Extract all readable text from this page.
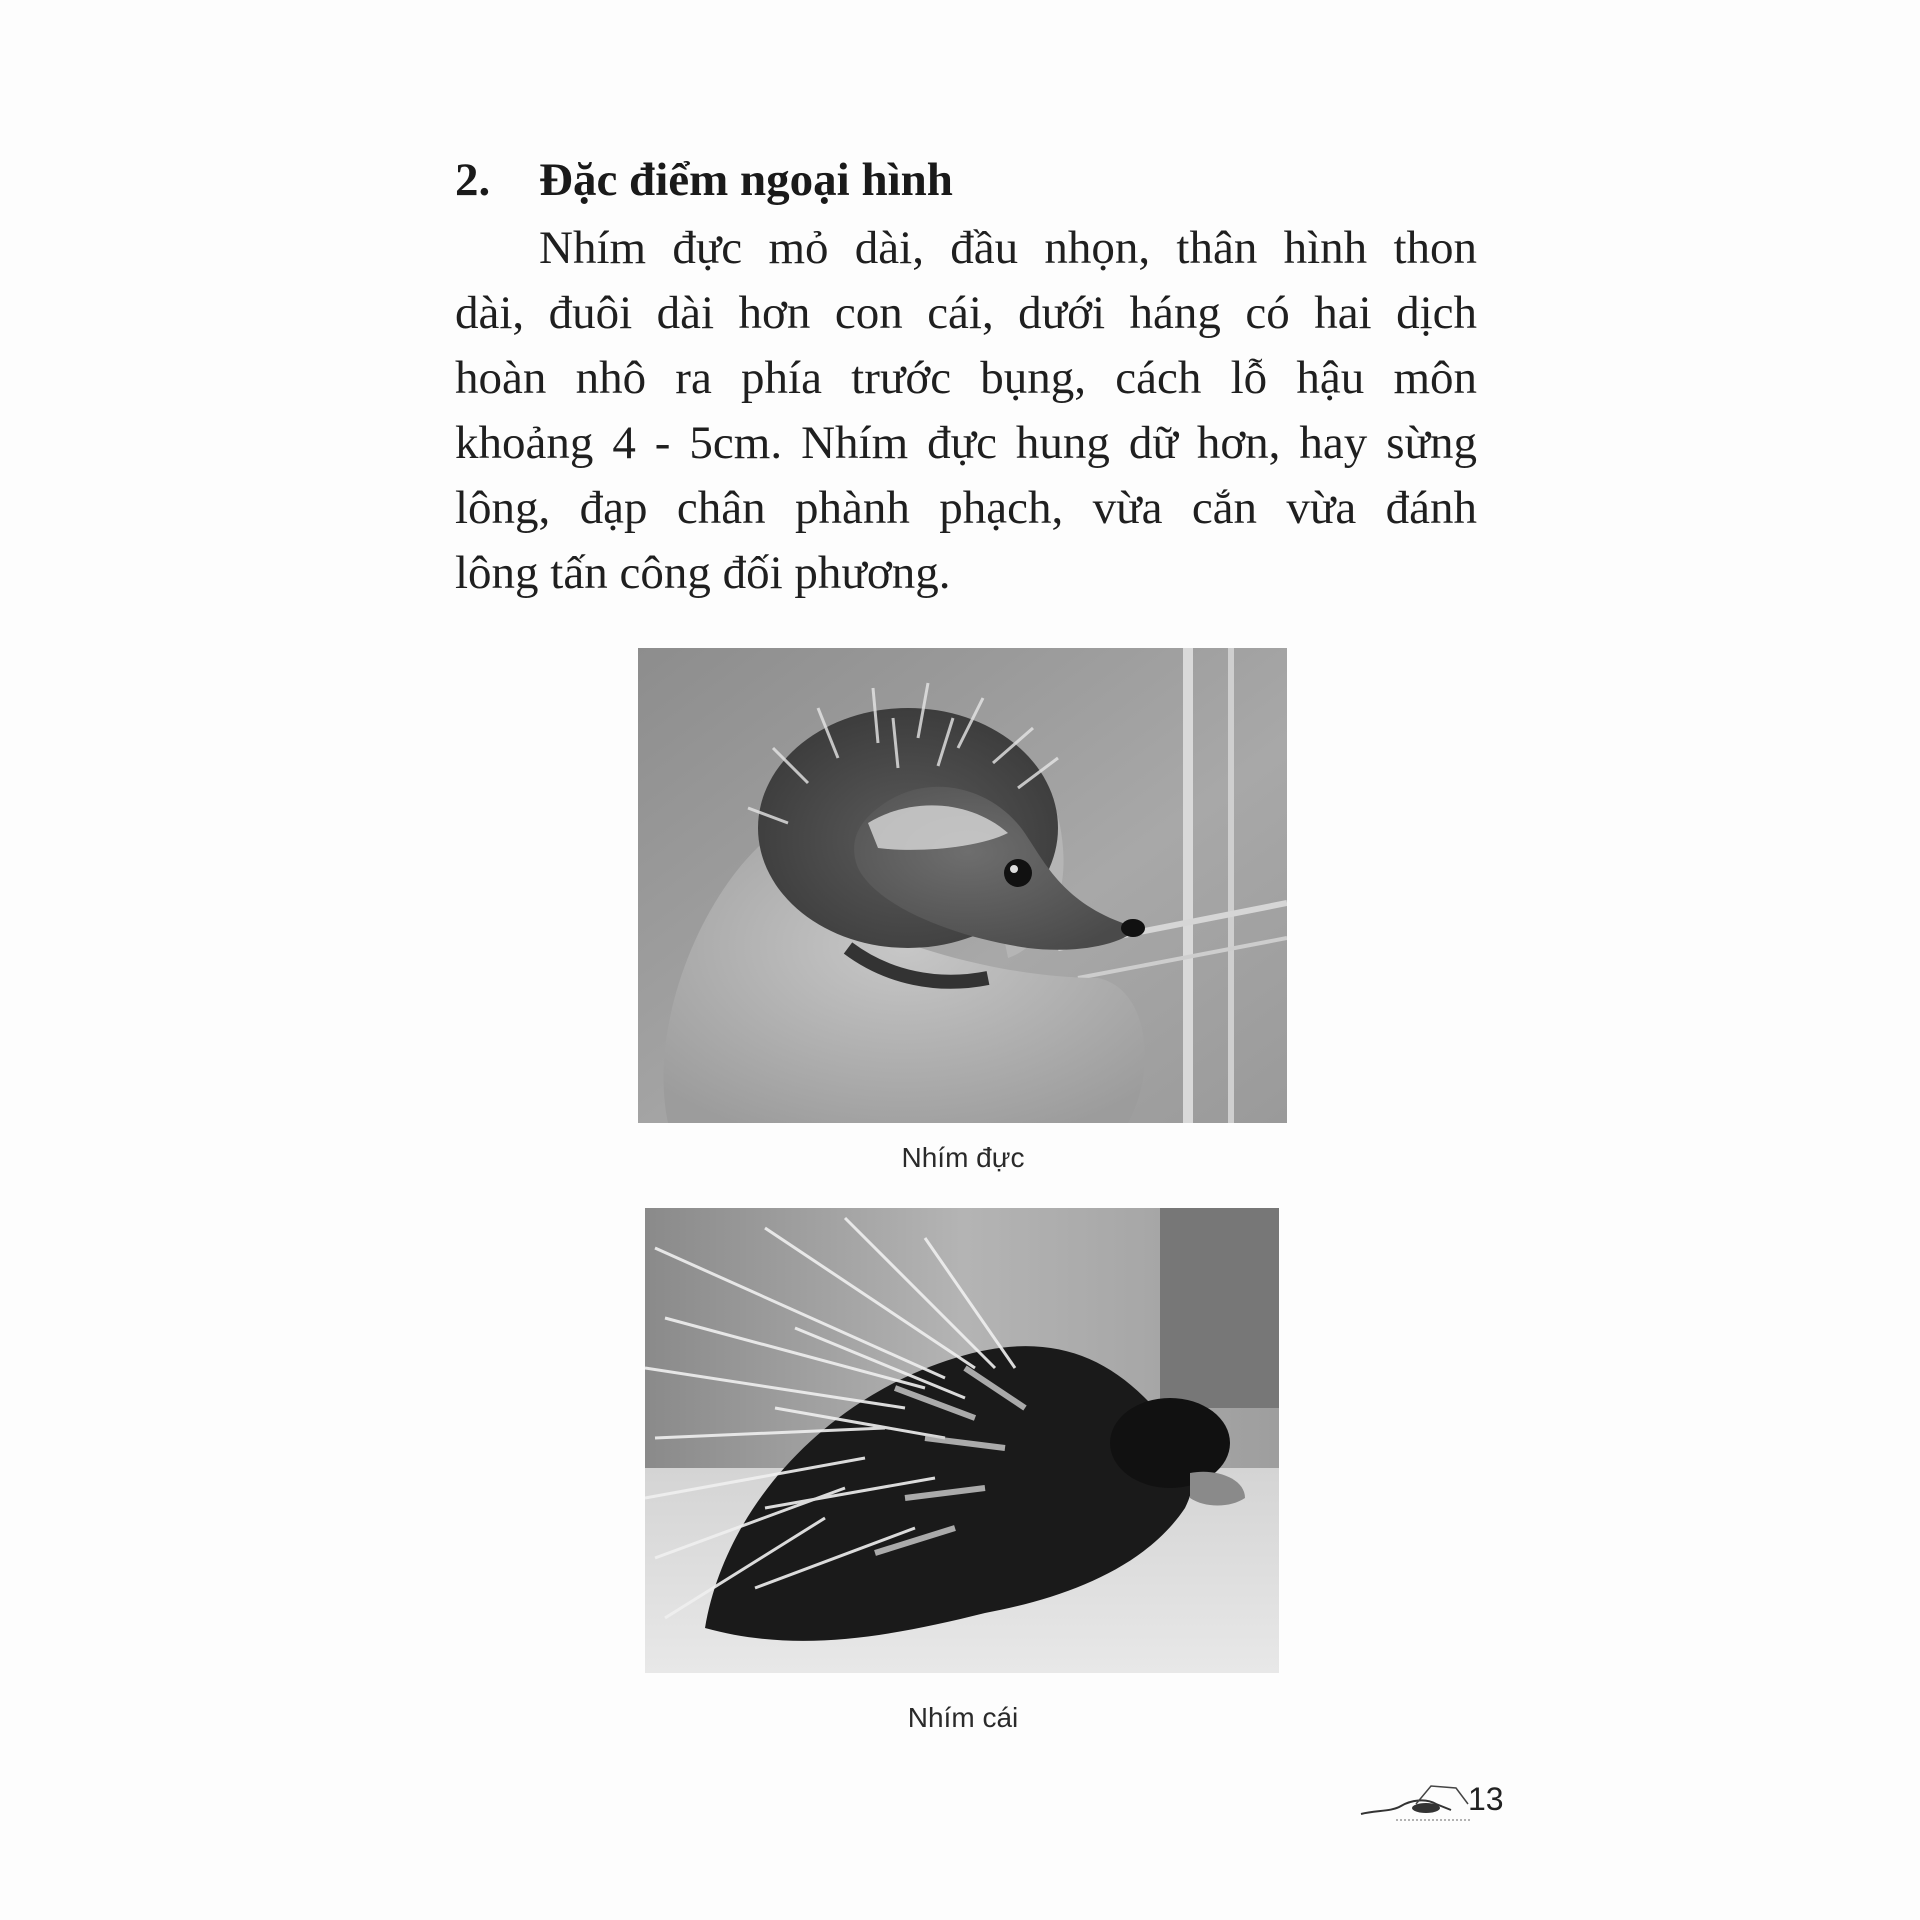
2. Đặc điểm ngoại hình
Nhím đực mỏ dài, đầu nhọn, thân hình thon
dài, đuôi dài hơn con cái, dưới háng có hai dịch
hoàn nhô ra phía trước bụng, cách lỗ hậu môn
khoảng 4 - 5cm. Nhím đực hung dữ hơn, hay sừng
lông, đạp chân phành phạch, vừa cắn vừa đánh
lông tấn công đối phương.
Nhím đực
Nhím cái
13
